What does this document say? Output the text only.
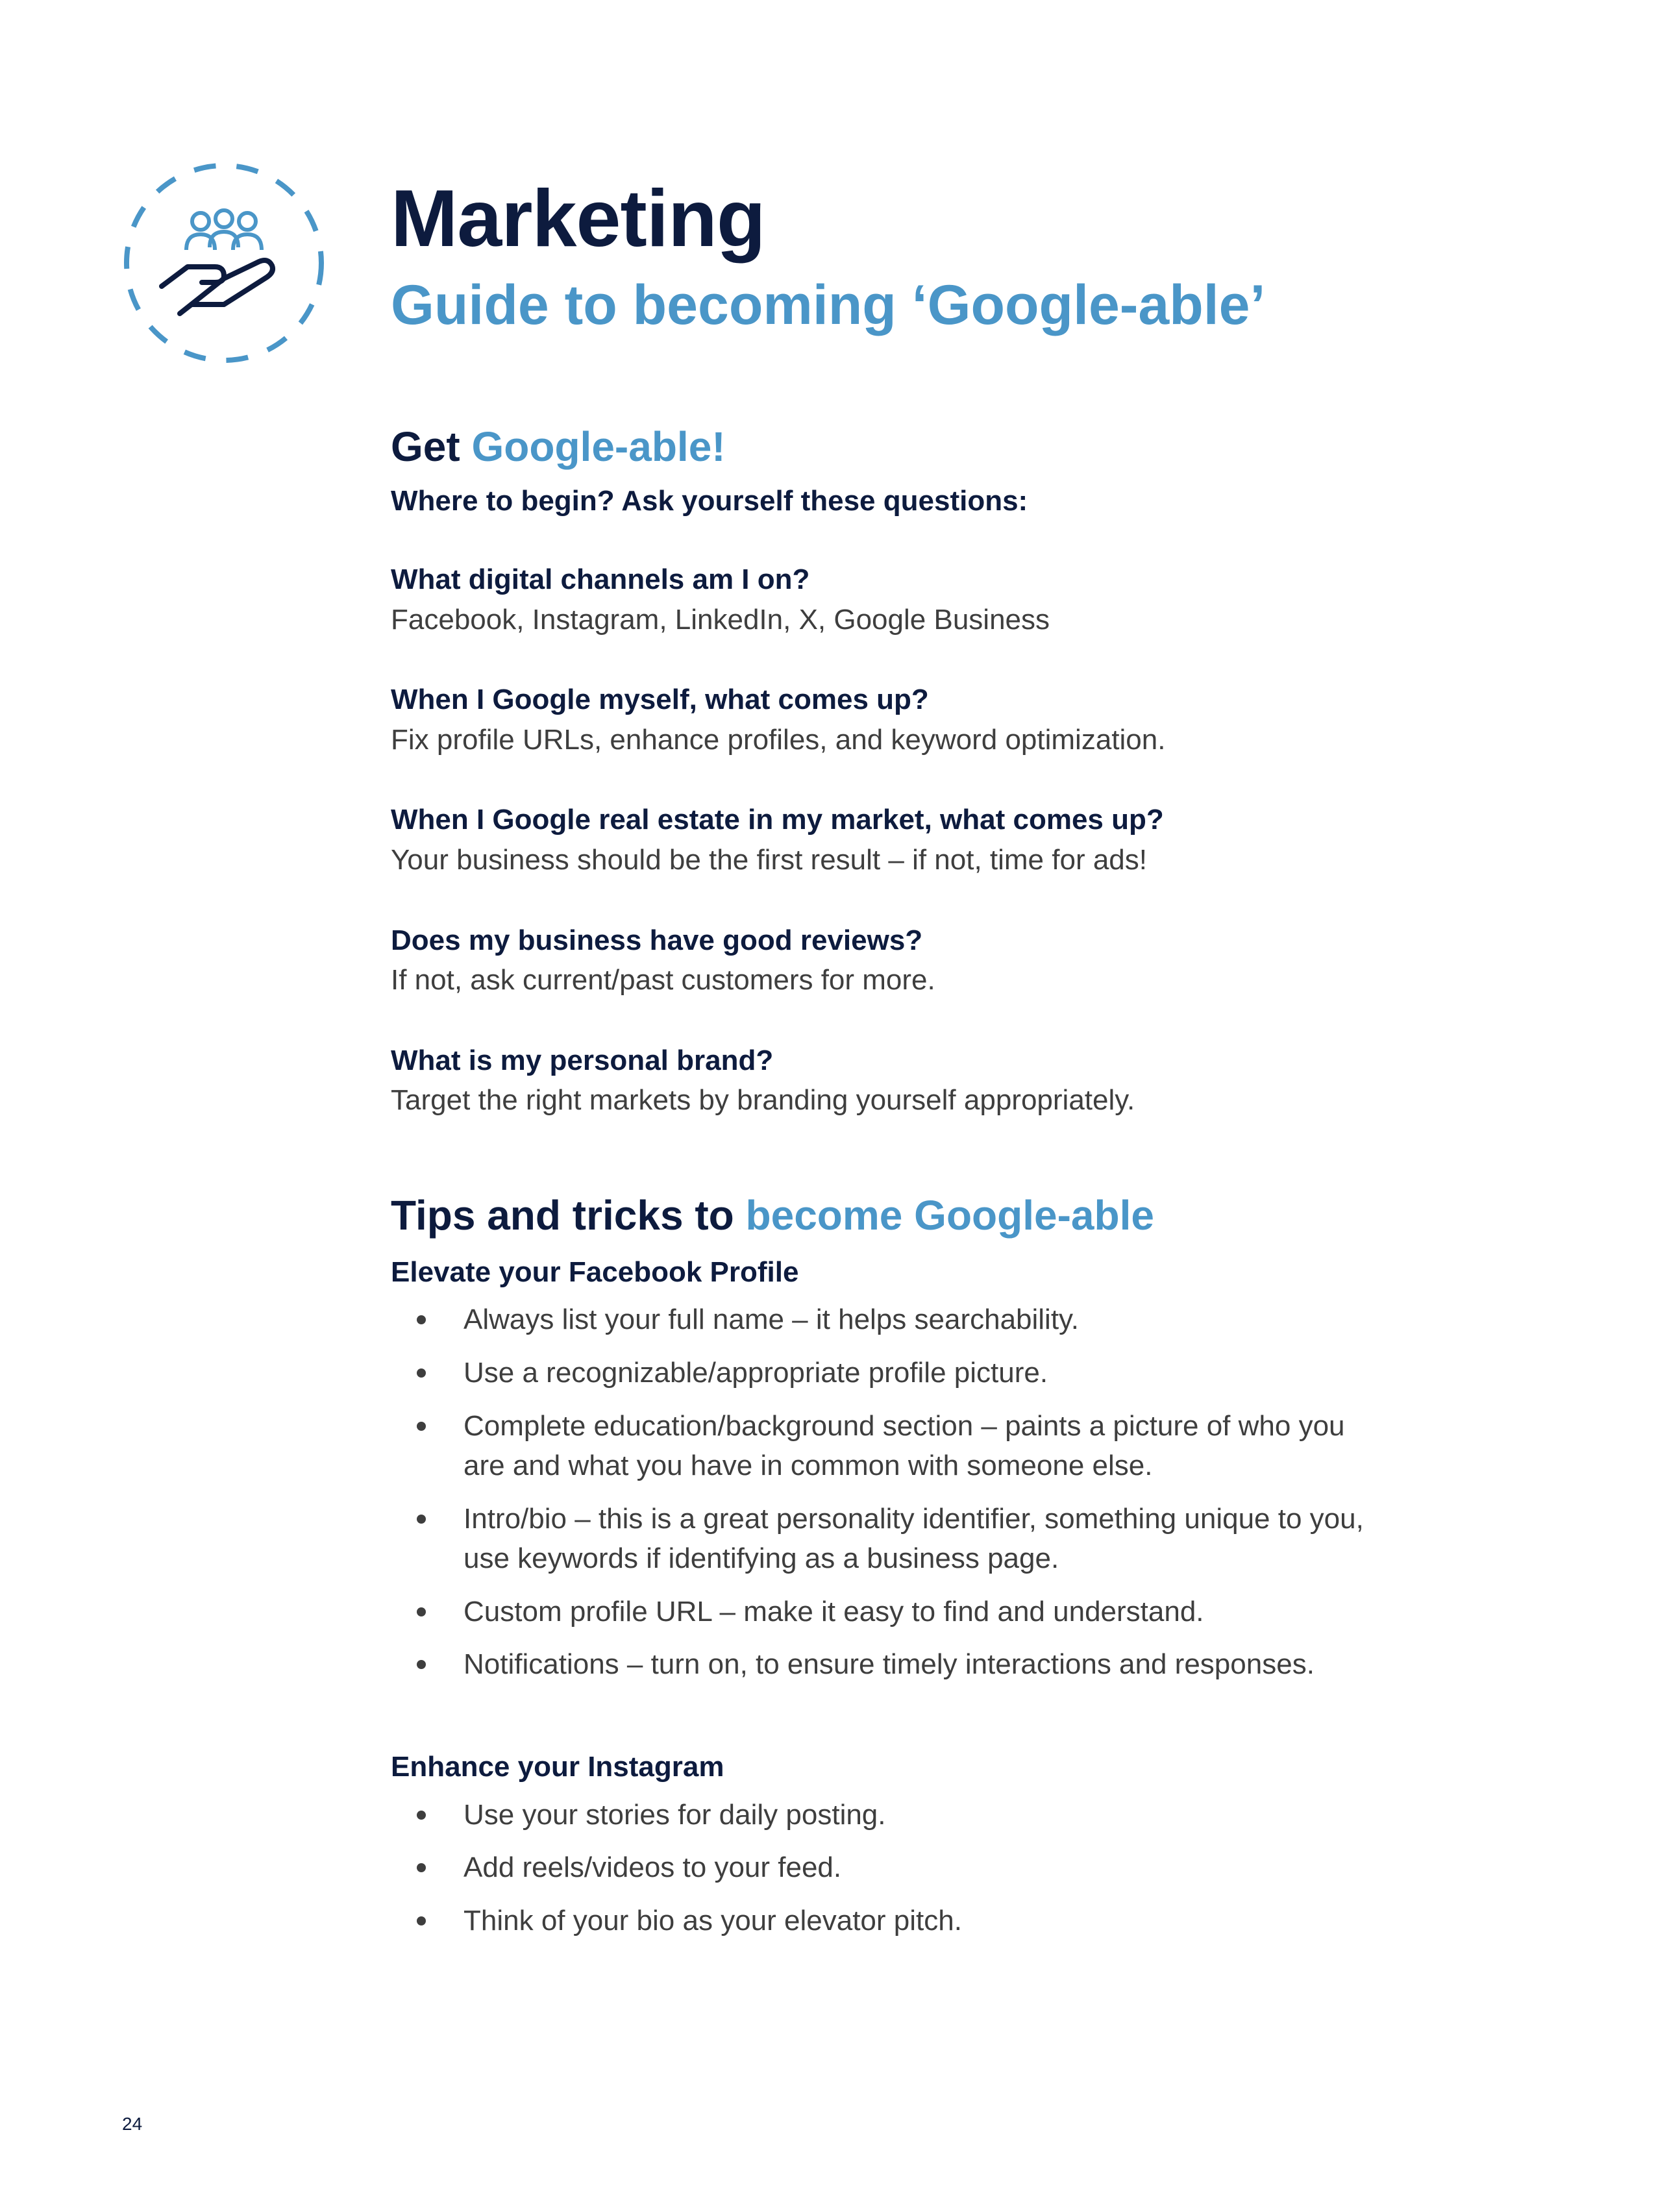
Marketing
Guide to becoming ‘Google-able’
Get Google-able!

Where to begin? Ask yourself these questions:

What digital channels am I on?

Facebook, Instagram, LinkedIn, X, Google Business

When I Google myself, what comes up?

Fix profile URLs, enhance profiles, and keyword optimization.

When I Google real estate in my market, what comes up?

Your business should be the first result – if not, time for ads!

Does my business have good reviews?

If not, ask current/past customers for more.

What is my personal brand?

Target the right markets by branding yourself appropriately.

Tips and tricks to become Google-able

Elevate your Facebook Profile

Always list your full name – it helps searchability.
Use a recognizable/appropriate profile picture.
Complete education/background section – paints a picture of who you are and what you have in common with someone else.
Intro/bio – this is a great personality identifier, something unique to you, use keywords if identifying as a business page.
Custom profile URL – make it easy to find and understand.
Notifications – turn on, to ensure timely interactions and responses.

Enhance your Instagram

Use your stories for daily posting.
Add reels/videos to your feed.
Think of your bio as your elevator pitch.
24
